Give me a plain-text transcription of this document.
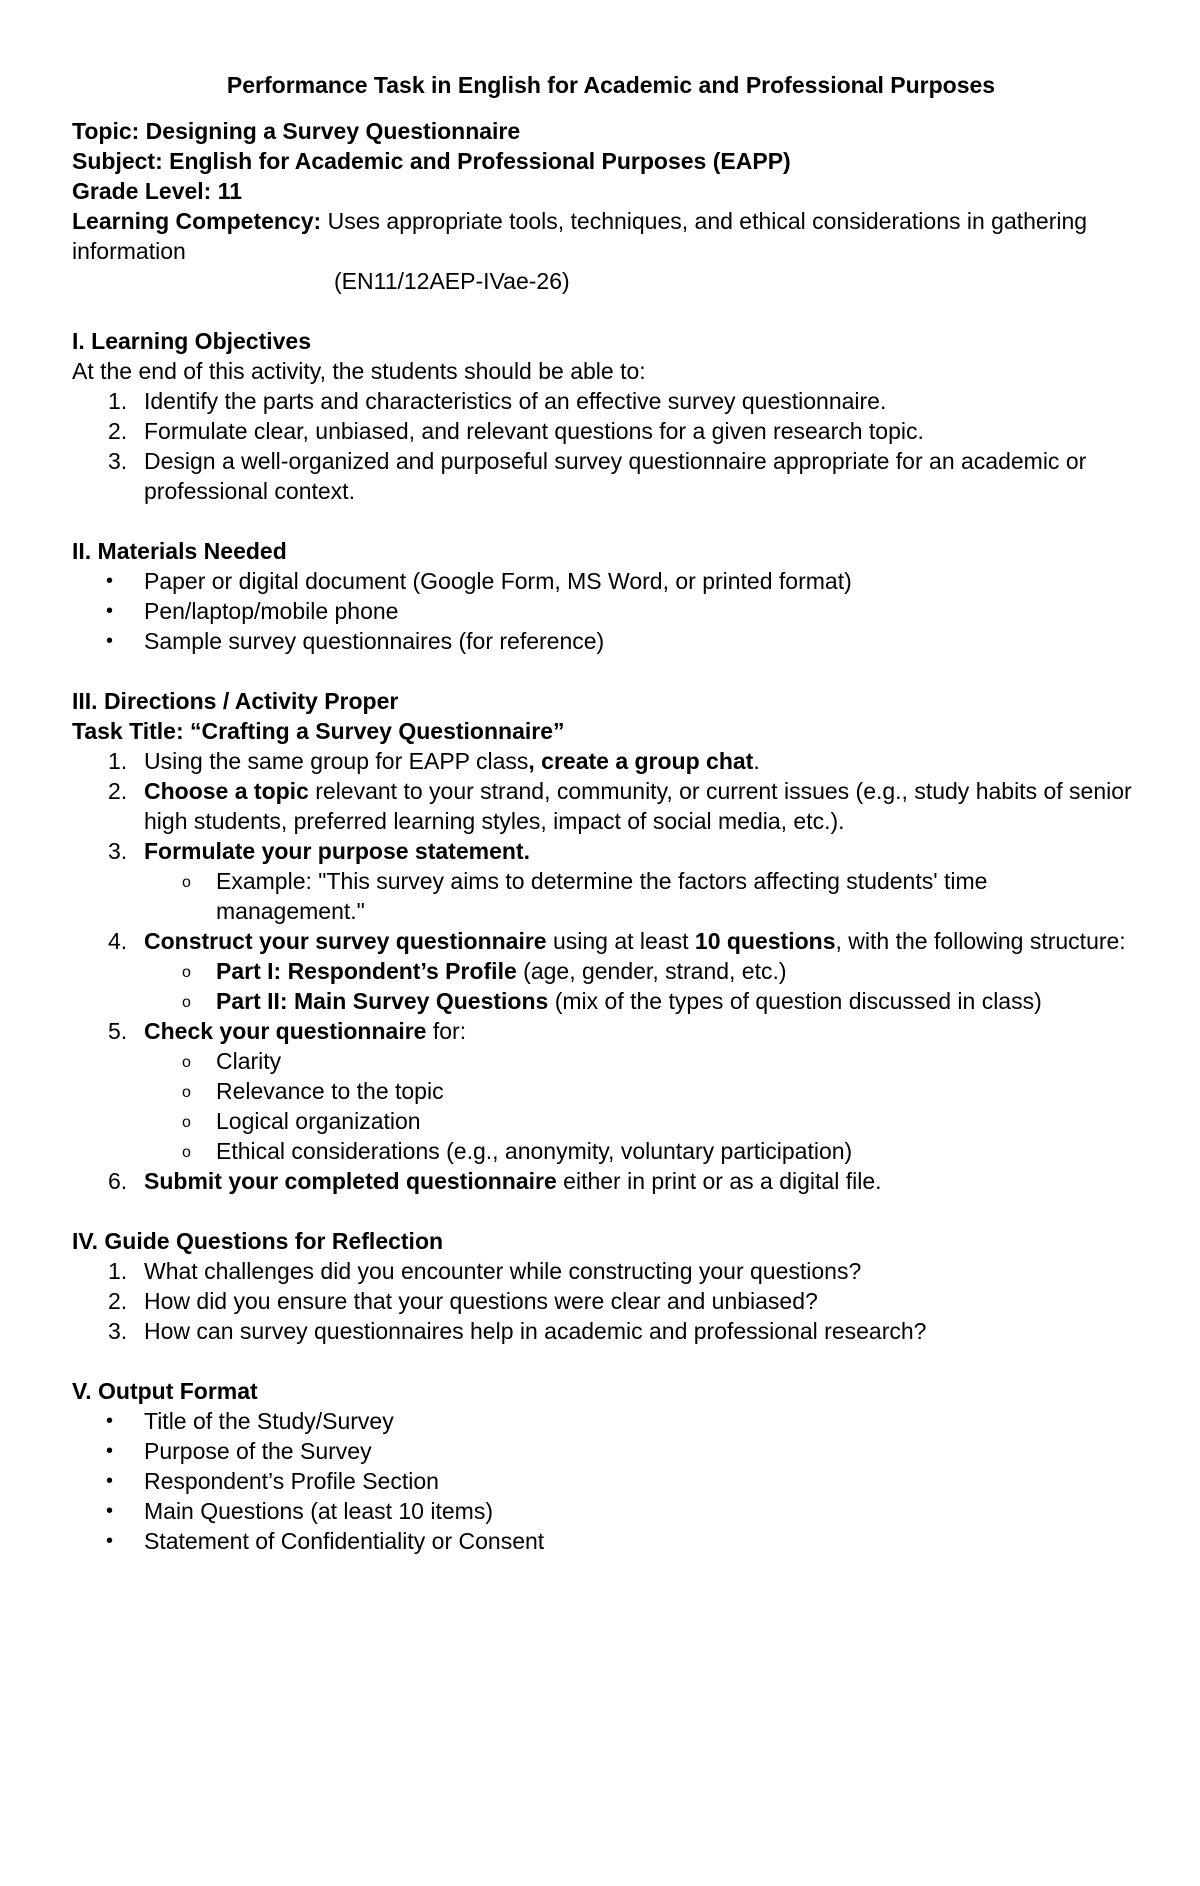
Performance Task in English for Academic and Professional Purposes
Topic: Designing a Survey Questionnaire
Subject: English for Academic and Professional Purposes (EAPP)
Grade Level: 11
Learning Competency: Uses appropriate tools, techniques, and ethical considerations in gathering information
(EN11/12AEP-IVae-26)
I. Learning Objectives
At the end of this activity, the students should be able to:
1. Identify the parts and characteristics of an effective survey questionnaire.
2. Formulate clear, unbiased, and relevant questions for a given research topic.
3. Design a well-organized and purposeful survey questionnaire appropriate for an academic or professional context.
II. Materials Needed
• Paper or digital document (Google Form, MS Word, or printed format)
• Pen/laptop/mobile phone
• Sample survey questionnaires (for reference)
III. Directions / Activity Proper
Task Title: “Crafting a Survey Questionnaire”
1. Using the same group for EAPP class, create a group chat.
2. Choose a topic relevant to your strand, community, or current issues (e.g., study habits of senior high students, preferred learning styles, impact of social media, etc.).
3. Formulate your purpose statement.
o Example: "This survey aims to determine the factors affecting students' time management."
4. Construct your survey questionnaire using at least 10 questions, with the following structure:
o Part I: Respondent’s Profile (age, gender, strand, etc.)
o Part II: Main Survey Questions (mix of the types of question discussed in class)
5. Check your questionnaire for:
o Clarity
o Relevance to the topic
o Logical organization
o Ethical considerations (e.g., anonymity, voluntary participation)
6. Submit your completed questionnaire either in print or as a digital file.
IV. Guide Questions for Reflection
1. What challenges did you encounter while constructing your questions?
2. How did you ensure that your questions were clear and unbiased?
3. How can survey questionnaires help in academic and professional research?
V. Output Format
• Title of the Study/Survey
• Purpose of the Survey
• Respondent’s Profile Section
• Main Questions (at least 10 items)
• Statement of Confidentiality or Consent
